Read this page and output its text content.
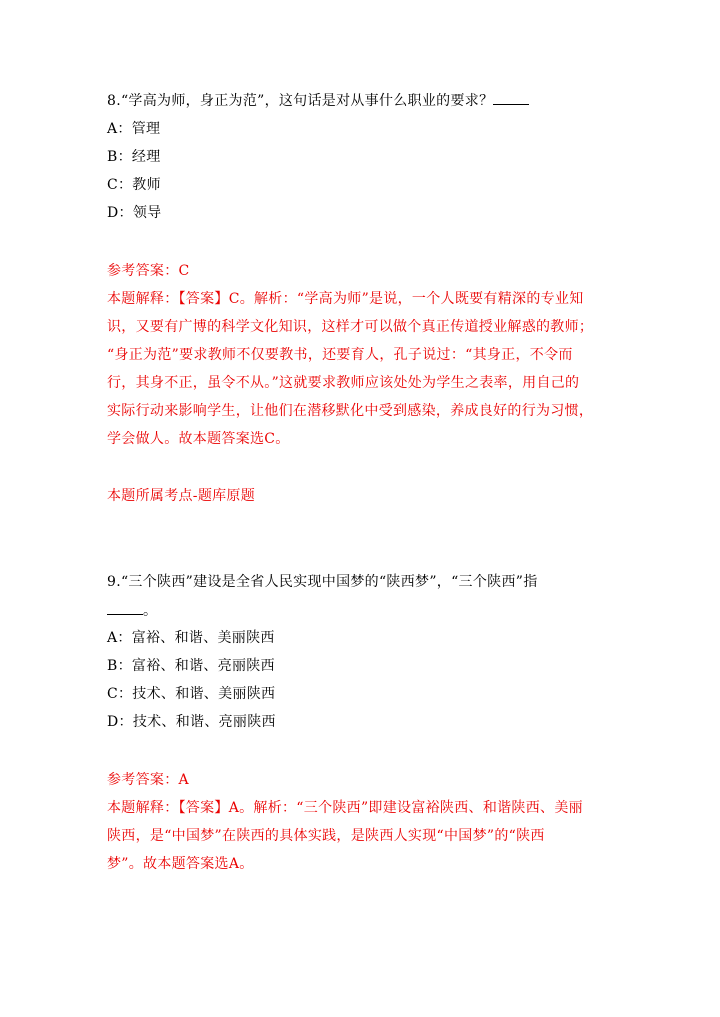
8.“学高为师，身正为范”，这句话是对从事什么职业的要求？
A：管理
B：经理
C：教师
D：领导
参考答案：C
本题解释：【答案】C。解析：“学高为师”是说，一个人既要有精深的专业知
识，又要有广博的科学文化知识，这样才可以做个真正传道授业解惑的教师；
“身正为范”要求教师不仅要教书，还要育人，孔子说过：“其身正，不令而
行，其身不正，虽令不从。”这就要求教师应该处处为学生之表率，用自己的
实际行动来影响学生，让他们在潜移默化中受到感染，养成良好的行为习惯，
学会做人。故本题答案选C。
本题所属考点-题库原题
9.“三个陕西”建设是全省人民实现中国梦的“陕西梦”，“三个陕西”指
。
A：富裕、和谐、美丽陕西
B：富裕、和谐、亮丽陕西
C：技术、和谐、美丽陕西
D：技术、和谐、亮丽陕西
参考答案：A
本题解释：【答案】A。解析：“三个陕西”即建设富裕陕西、和谐陕西、美丽
陕西，是“中国梦”在陕西的具体实践，是陕西人实现“中国梦”的“陕西
梦”。故本题答案选A。
